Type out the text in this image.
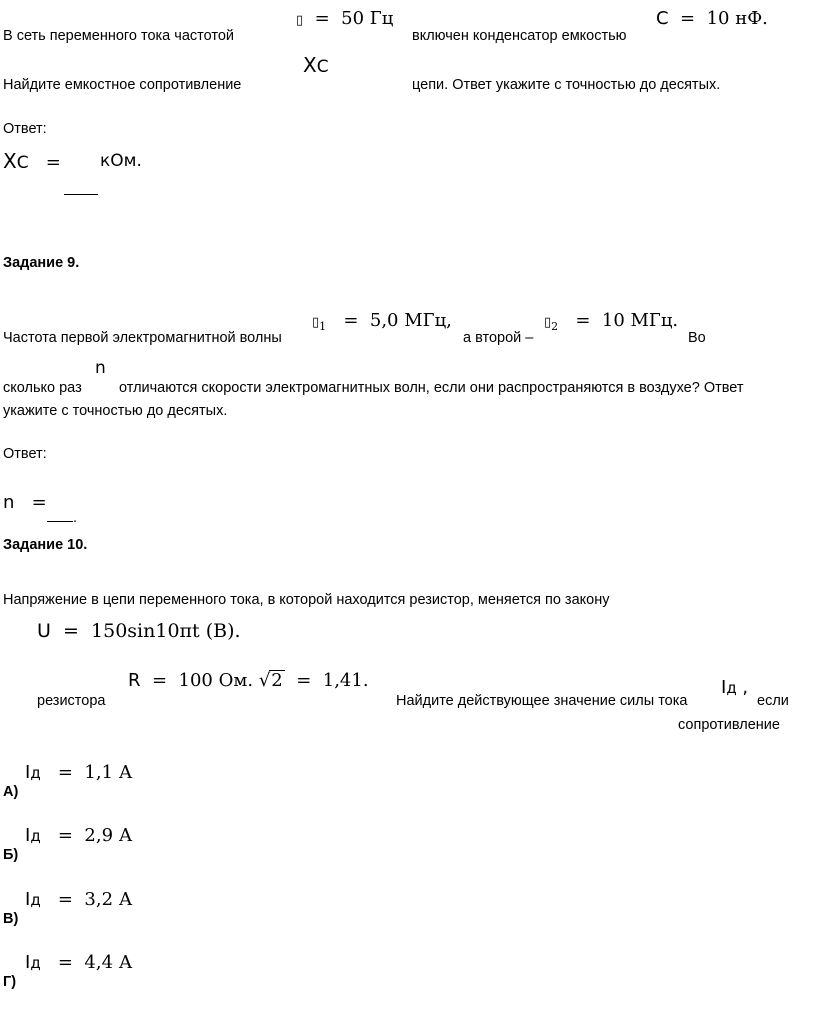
В сеть переменного тока частотой
▯ = 50 Гц
включен конденсатор емкостью
С = 10 нФ.
ХС
Найдите емкостное сопротивление	цепи. Ответ укажите с точностью до десятых.
Ответ:
ХС = кОм.
Задание 9.
Частота первой электромагнитной волны
$▯_1 = 5,0$ МГц,
а второй –
$▯_2 = 10$ МГц.
Во
сколько раз
n
отличаются скорости электромагнитных волн, если они распространяются в воздухе? Ответ
укажите с точностью до десятых.
Ответ:
n =
.
Задание 10.
Напряжение в цепи переменного тока, в которой находится резистор, меняется по закону
U = 150sin10πt (В).
резистора
R = 100 Ом. √2 = 1,41.
Найдите действующее значение силы тока
Iд ,
если
сопротивление
А)
Iд = 1,1 А
Б)
Iд = 2,9 А
В)
Iд = 3,2 А
Г)
Iд = 4,4 А
